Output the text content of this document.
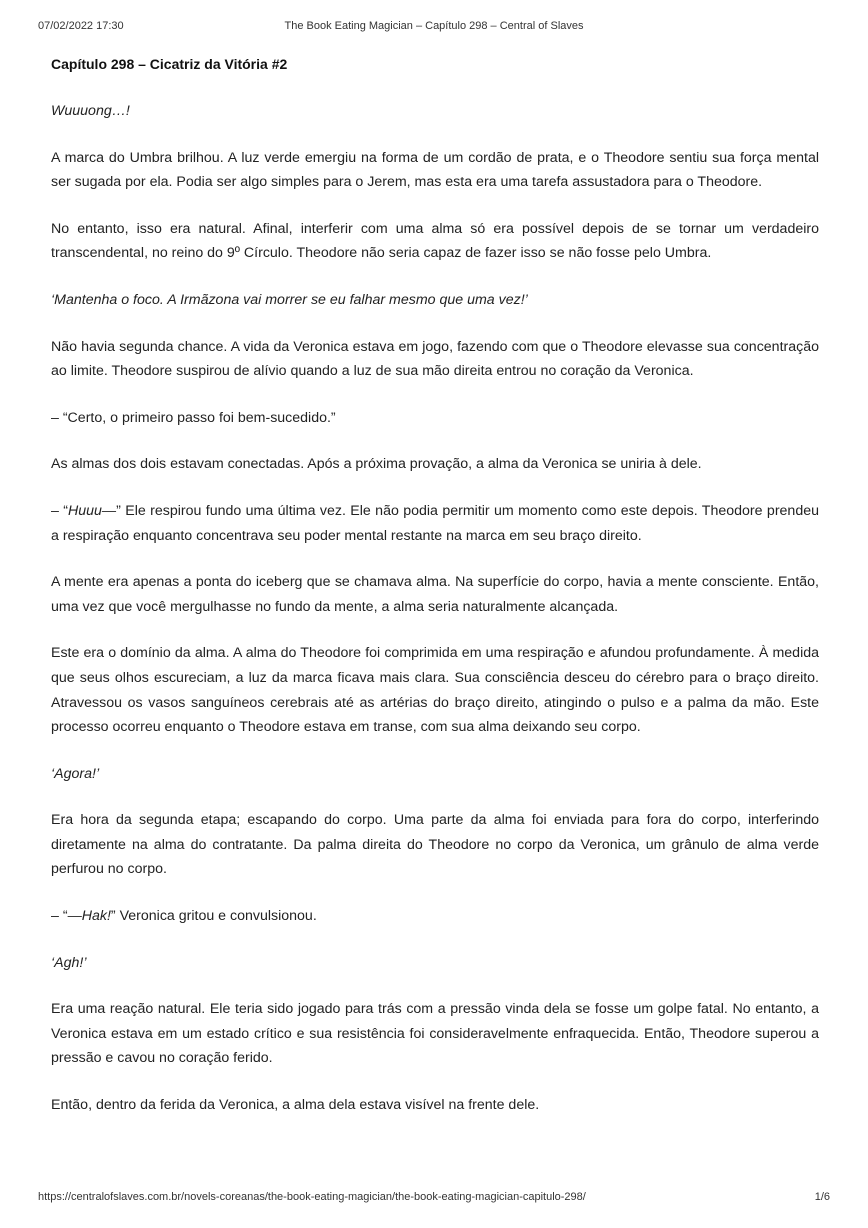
07/02/2022 17:30	The Book Eating Magician – Capítulo 298 – Central of Slaves
Capítulo 298 – Cicatriz da Vitória #2

Wuuuong…!

A marca do Umbra brilhou. A luz verde emergiu na forma de um cordão de prata, e o Theodore sentiu sua força mental ser sugada por ela. Podia ser algo simples para o Jerem, mas esta era uma tarefa assustadora para o Theodore.

No entanto, isso era natural. Afinal, interferir com uma alma só era possível depois de se tornar um verdadeiro transcendental, no reino do 9º Círculo. Theodore não seria capaz de fazer isso se não fosse pelo Umbra.

‘Mantenha o foco. A Irmãzona vai morrer se eu falhar mesmo que uma vez!’

Não havia segunda chance. A vida da Veronica estava em jogo, fazendo com que o Theodore elevasse sua concentração ao limite. Theodore suspirou de alívio quando a luz de sua mão direita entrou no coração da Veronica.

– “Certo, o primeiro passo foi bem-sucedido.”

As almas dos dois estavam conectadas. Após a próxima provação, a alma da Veronica se uniria à dele.

– “Huuu—” Ele respirou fundo uma última vez. Ele não podia permitir um momento como este depois. Theodore prendeu a respiração enquanto concentrava seu poder mental restante na marca em seu braço direito.

A mente era apenas a ponta do iceberg que se chamava alma. Na superfície do corpo, havia a mente consciente. Então, uma vez que você mergulhasse no fundo da mente, a alma seria naturalmente alcançada.

Este era o domínio da alma. A alma do Theodore foi comprimida em uma respiração e afundou profundamente. À medida que seus olhos escureciam, a luz da marca ficava mais clara. Sua consciência desceu do cérebro para o braço direito. Atravessou os vasos sanguíneos cerebrais até as artérias do braço direito, atingindo o pulso e a palma da mão. Este processo ocorreu enquanto o Theodore estava em transe, com sua alma deixando seu corpo.

‘Agora!’

Era hora da segunda etapa; escapando do corpo. Uma parte da alma foi enviada para fora do corpo, interferindo diretamente na alma do contratante. Da palma direita do Theodore no corpo da Veronica, um grânulo de alma verde perfurou no corpo.

– “—Hak!” Veronica gritou e convulsionou.

‘Agh!’

Era uma reação natural. Ele teria sido jogado para trás com a pressão vinda dela se fosse um golpe fatal. No entanto, a Veronica estava em um estado crítico e sua resistência foi consideravelmente enfraquecida. Então, Theodore superou a pressão e cavou no coração ferido.

Então, dentro da ferida da Veronica, a alma dela estava visível na frente dele.

https://centralofslaves.com.br/novels-coreanas/the-book-eating-magician/the-book-eating-magician-capitulo-298/	1/6
